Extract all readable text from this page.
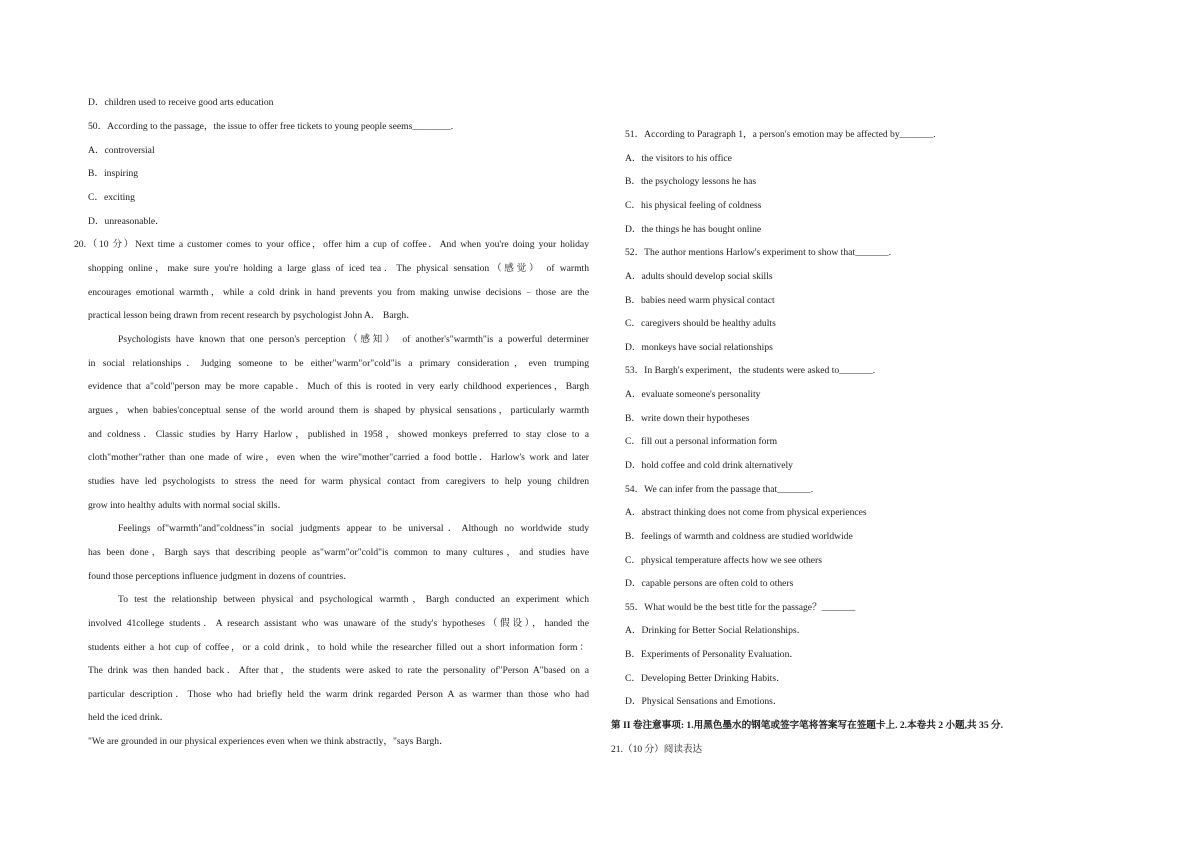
D．children used to receive good arts education
50．According to the passage，the issue to offer free tickets to young people seems________.
A．controversial
B．inspiring
C．exciting
D．unreasonable．
20.（10 分）Next time a customer comes to your office，offer him a cup of coffee．And when you're doing your holiday
shopping online，make sure you're holding a large glass of iced tea．The physical sensation（感觉） of warmth
encourages emotional warmth，while a cold drink in hand prevents you from making unwise decisions﹣those are the
practical lesson being drawn from recent research by psychologist John A． Bargh．
Psychologists have known that one person's perception（感知） of another's"warmth"is a powerful determiner
in social relationships．Judging someone to be either"warm"or"cold"is a primary consideration，even trumping
evidence that a"cold"person may be more capable．Much of this is rooted in very early childhood experiences，Bargh
argues，when babies'conceptual sense of the world around them is shaped by physical sensations，particularly warmth
and coldness．Classic studies by Harry Harlow，published in 1958，showed monkeys preferred to stay close to a
cloth"mother"rather than one made of wire，even when the wire"mother"carried a food bottle．Harlow's work and later
studies have led psychologists to stress the need for warm physical contact from caregivers to help young children
grow into healthy adults with normal social skills．
Feelings of"warmth"and"coldness"in social judgments appear to be universal．Although no worldwide study
has been done，Bargh says that describing people as"warm"or"cold"is common to many cultures，and studies have
found those perceptions influence judgment in dozens of countries．
To test the relationship between physical and psychological warmth，Bargh conducted an experiment which
involved 41college students．A research assistant who was unaware of the study's hypotheses（假设），handed the
students either a hot cup of coffee，or a cold drink，to hold while the researcher filled out a short information form：
The drink was then handed back．After that，the students were asked to rate the personality of"Person A"based on a
particular description．Those who had briefly held the warm drink regarded Person A as warmer than those who had
held the iced drink．
"We are grounded in our physical experiences even when we think abstractly，"says Bargh．
51．According to Paragraph 1，a person's emotion may be affected by_______.
A．the visitors to his office
B．the psychology lessons he has
C．his physical feeling of coldness
D．the things he has bought online
52．The author mentions Harlow's experiment to show that_______.
A．adults should develop social skills
B．babies need warm physical contact
C．caregivers should be healthy adults
D．monkeys have social relationships
53．In Bargh's experiment，the students were asked to_______.
A．evaluate someone's personality
B．write down their hypotheses
C．fill out a personal information form
D．hold coffee and cold drink alternatively
54．We can infer from the passage that_______.
A．abstract thinking does not come from physical experiences
B．feelings of warmth and coldness are studied worldwide
C．physical temperature affects how we see others
D．capable persons are often cold to others
55．What would be the best title for the passage？_______
A．Drinking for Better Social Relationships．
B．Experiments of Personality Evaluation．
C．Developing Better Drinking Habits．
D．Physical Sensations and Emotions．
第 II 卷注意事项: 1.用黑色墨水的钢笔或签字笔将答案写在签题卡上. 2.本卷共 2 小题,共 35 分.
21.（10 分）阅读表达
